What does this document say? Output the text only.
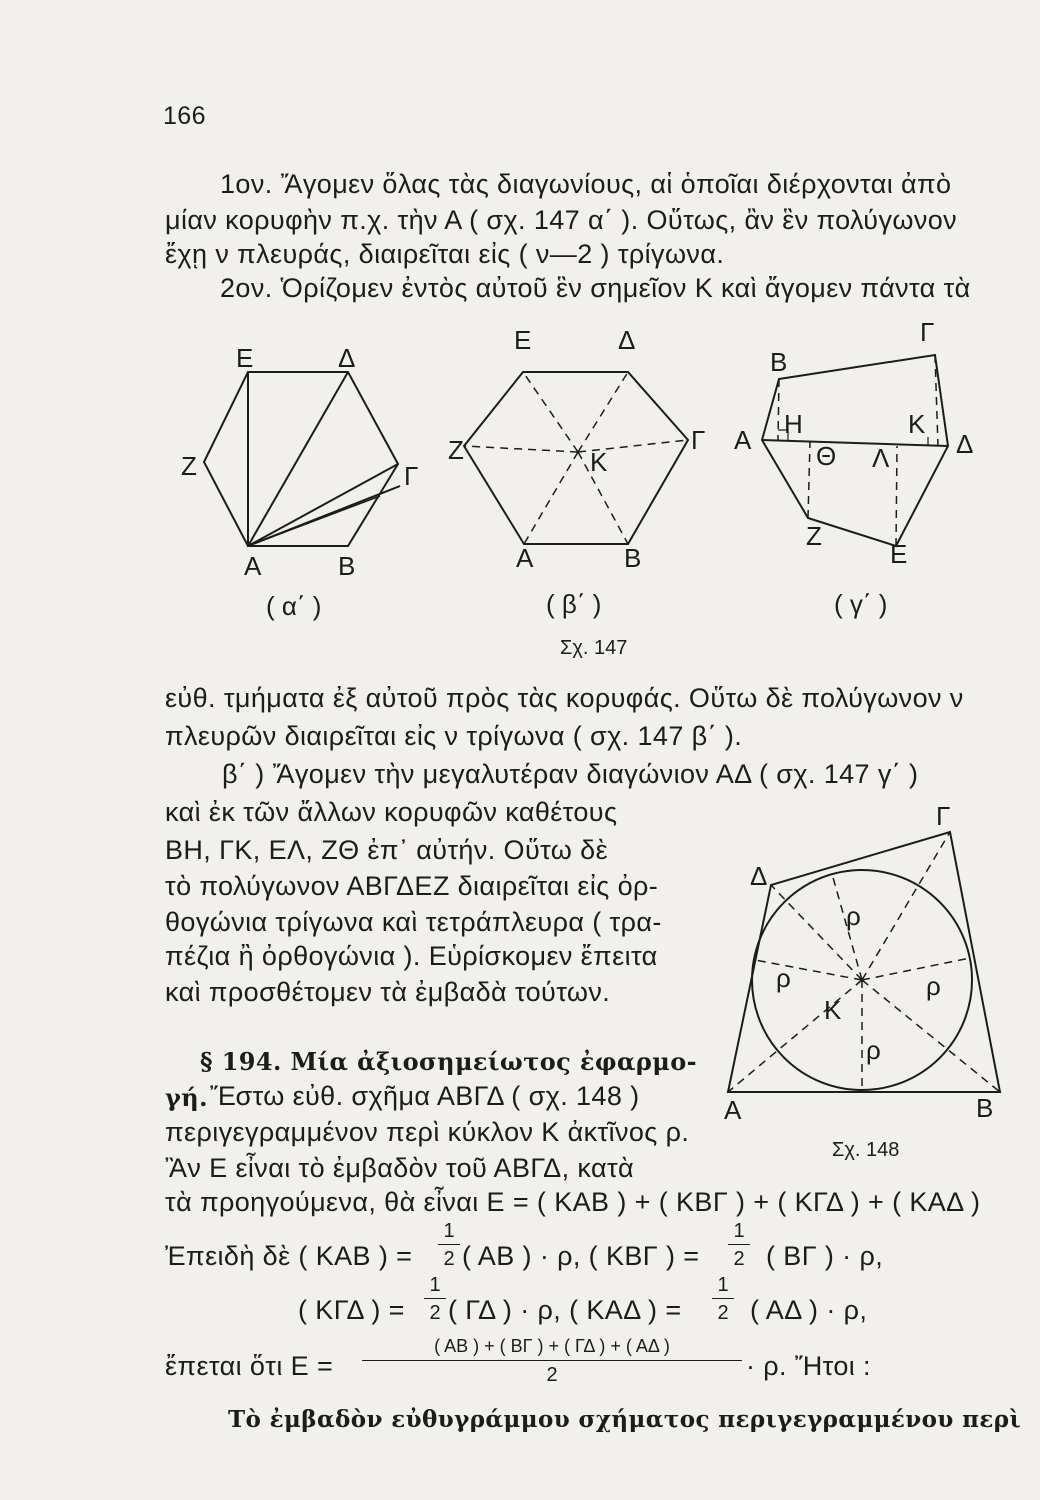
166
1ον. Ἄγομεν ὅλας τὰς διαγωνίους, αἱ ὁποῖαι διέρχονται ἀπὸ
μίαν κορυφὴν π.χ. τὴν Α ( σχ. 147 α΄ ). Οὕτως, ἂν ἓν πολύγωνον
ἔχῃ ν πλευράς, διαιρεῖται εἰς ( ν—2 ) τρίγωνα.
2ον. Ὁρίζομεν ἐντὸς αὐτοῦ ἓν σημεῖον Κ καὶ ἄγομεν πάντα τὰ
εὐθ. τμήματα ἐξ αὐτοῦ πρὸς τὰς κορυφάς. Οὕτω δὲ πολύγωνον ν
πλευρῶν διαιρεῖται εἰς ν τρίγωνα ( σχ. 147 β΄ ).
β΄ ) Ἄγομεν τὴν μεγαλυτέραν διαγώνιον ΑΔ ( σχ. 147 γ΄ )
καὶ ἐκ τῶν ἄλλων κορυφῶν καθέτους
ΒΗ, ΓΚ, ΕΛ, ΖΘ ἐπ᾽ αὐτήν. Οὕτω δὲ
τὸ πολύγωνον ΑΒΓΔΕΖ διαιρεῖται εἰς ὀρ-
θογώνια τρίγωνα καὶ τετράπλευρα ( τρα-
πέζια ἢ ὀρθογώνια ). Εὑρίσκομεν ἔπειτα
καὶ προσθέτομεν τὰ ἐμβαδὰ τούτων.
§ 194. Μία ἀξιοσημείωτος ἐφαρμο-
γή. Ἔστω εὐθ. σχῆμα ΑΒΓΔ ( σχ. 148 )
περιγεγραμμένον περὶ κύκλον Κ ἀκτῖνος ρ.
Ἂν Ε εἶναι τὸ ἐμβαδὸν τοῦ ΑΒΓΔ, κατὰ
τὰ προηγούμενα, θὰ εἶναι Ε = ( ΚΑΒ ) + ( ΚΒΓ ) + ( ΚΓΔ ) + ( ΚΑΔ )
Ἐπειδὴ δὲ ( ΚΑΒ ) =
1
2 ( ΑΒ ) · ρ, ( ΚΒΓ ) =
1
2 ( ΒΓ ) · ρ,
( ΚΓΔ ) =
1
2 ( ΓΔ ) · ρ, ( ΚΑΔ ) =
1
2 ( ΑΔ ) · ρ,
ἔπεται ὅτι Ε =
( ΑΒ ) + ( ΒΓ ) + ( ΓΔ ) + ( ΑΔ )
2	· ρ. Ἤτοι :
Τὸ ἐμβαδὸν εὐθυγράμμου σχήματος περιγεγραμμένου περὶ
Ε	Δ
Ζ	Γ
Α	Β
( α΄ )
Ε	Δ
Ζ	Γ
Κ
Α	Β
( β΄ )
Β
Γ
Α
Η	Κ
Δ
Θ Λ
Ζ
Ε
( γ΄ )
Σχ. 147
Γ
Δ
Α	Β
Κ
ρ
ρ	ρ
ρ
Σχ. 148
